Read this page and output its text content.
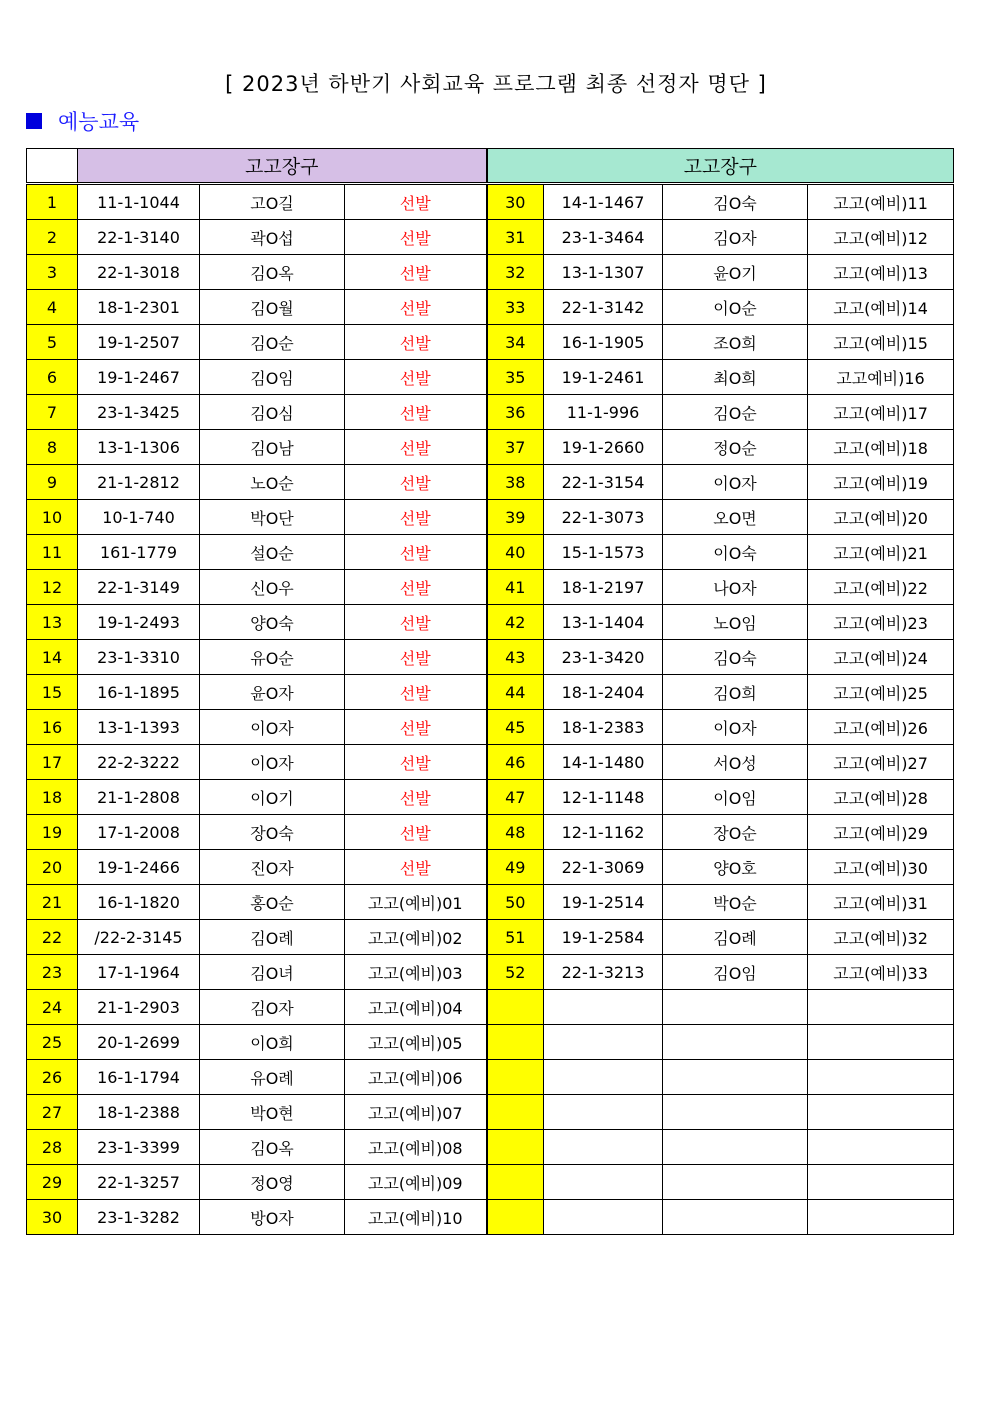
[ 2023년 하반기 사회교육 프로그램 최종 선정자 명단 ]
예능교육
	고고장구			고고장구			
1	11-1-1044	고O길	선발	30	14-1-1467	김O숙	고고(예비)11
2	22-1-3140	곽O섭	선발	31	23-1-3464	김O자	고고(예비)12
3	22-1-3018	김O옥	선발	32	13-1-1307	윤O기	고고(예비)13
4	18-1-2301	김O월	선발	33	22-1-3142	이O순	고고(예비)14
5	19-1-2507	김O순	선발	34	16-1-1905	조O희	고고(예비)15
6	19-1-2467	김O임	선발	35	19-1-2461	최O희	고고예비)16
7	23-1-3425	김O심	선발	36	11-1-996	김O순	고고(예비)17
8	13-1-1306	김O남	선발	37	19-1-2660	정O순	고고(예비)18
9	21-1-2812	노O순	선발	38	22-1-3154	이O자	고고(예비)19
10	10-1-740	박O단	선발	39	22-1-3073	오O면	고고(예비)20
11	161-1779	설O순	선발	40	15-1-1573	이O숙	고고(예비)21
12	22-1-3149	신O우	선발	41	18-1-2197	나O자	고고(예비)22
13	19-1-2493	양O숙	선발	42	13-1-1404	노O임	고고(예비)23
14	23-1-3310	유O순	선발	43	23-1-3420	김O숙	고고(예비)24
15	16-1-1895	윤O자	선발	44	18-1-2404	김O희	고고(예비)25
16	13-1-1393	이O자	선발	45	18-1-2383	이O자	고고(예비)26
17	22-2-3222	이O자	선발	46	14-1-1480	서O성	고고(예비)27
18	21-1-2808	이O기	선발	47	12-1-1148	이O임	고고(예비)28
19	17-1-2008	장O숙	선발	48	12-1-1162	장O순	고고(예비)29
20	19-1-2466	진O자	선발	49	22-1-3069	양O호	고고(예비)30
21	16-1-1820	홍O순	고고(예비)01	50	19-1-2514	박O순	고고(예비)31
22	/22-2-3145	김O례	고고(예비)02	51	19-1-2584	김O례	고고(예비)32
23	17-1-1964	김O녀	고고(예비)03	52	22-1-3213	김O임	고고(예비)33
24	21-1-2903	김O자	고고(예비)04				
25	20-1-2699	이O희	고고(예비)05				
26	16-1-1794	유O례	고고(예비)06				
27	18-1-2388	박O현	고고(예비)07				
28	23-1-3399	김O옥	고고(예비)08				
29	22-1-3257	정O영	고고(예비)09				
30	23-1-3282	방O자	고고(예비)10				
